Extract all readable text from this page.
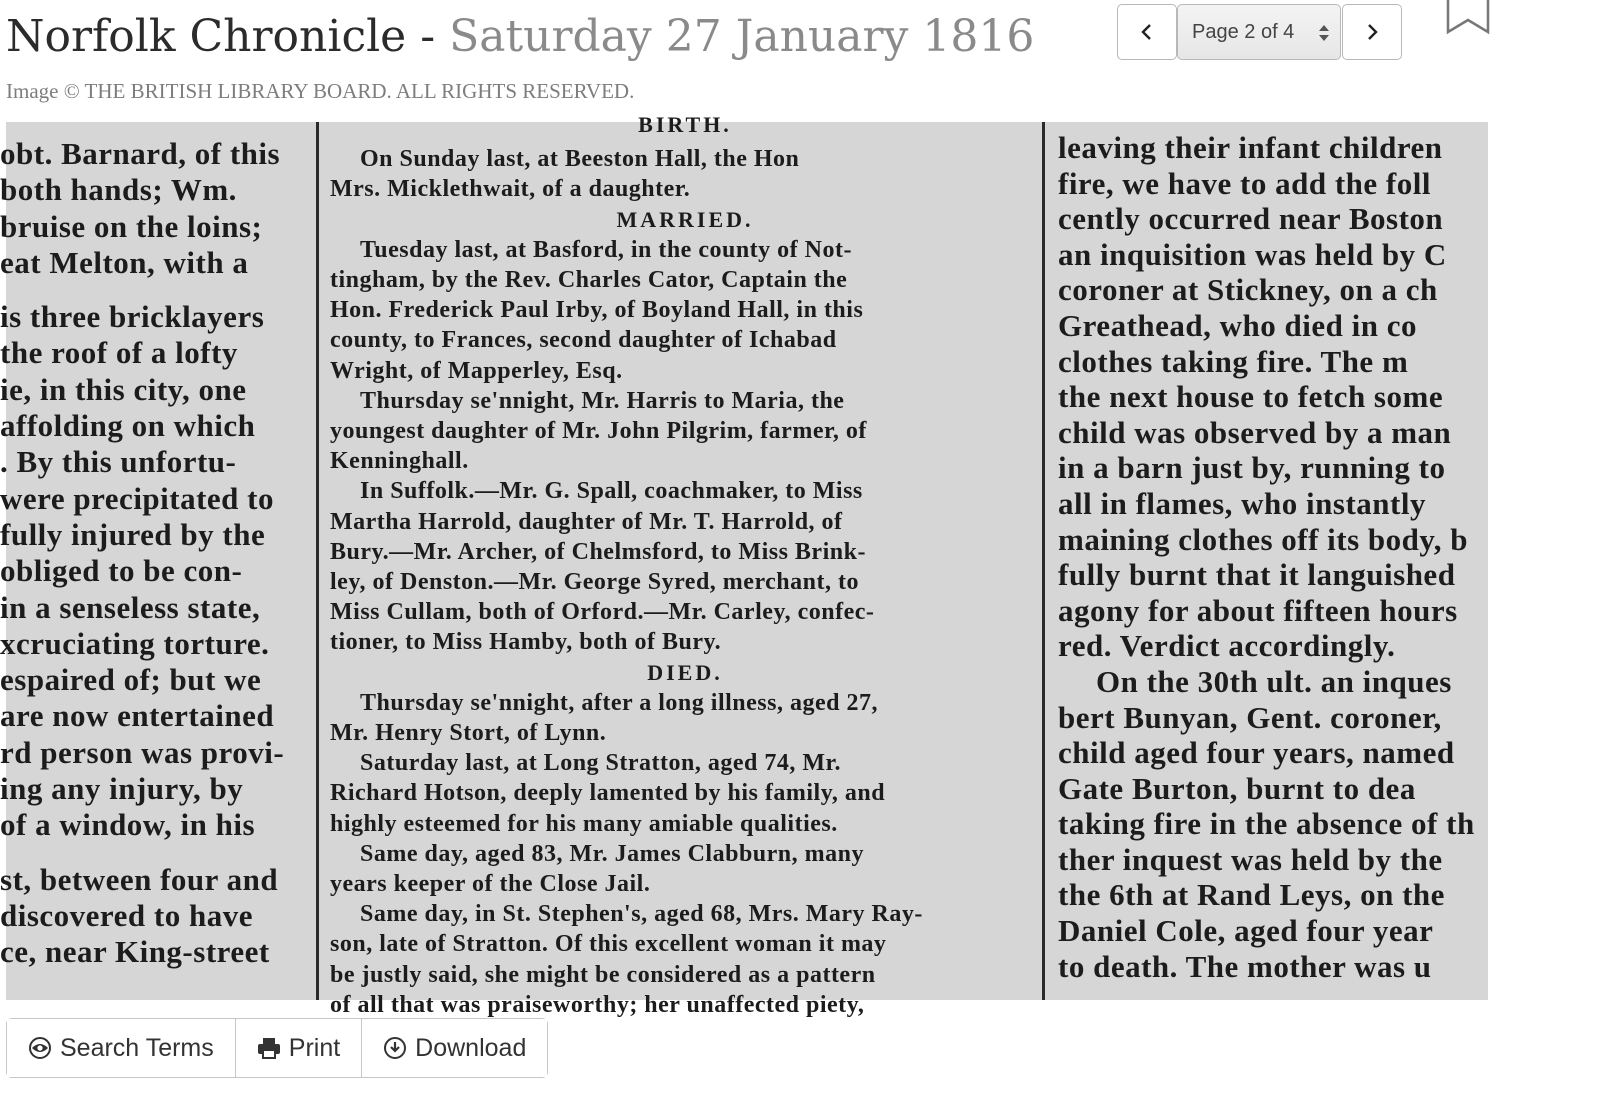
Norfolk Chronicle - Saturday 27 January 1816
Image © THE BRITISH LIBRARY BOARD. ALL RIGHTS RESERVED.
Page 2 of 4
obt. Barnard, of this
both hands; Wm.
bruise on the loins;
eat Melton, with a
is three bricklayers
the roof of a lofty
ie, in this city, one
affolding on which
. By this unfortu-
were precipitated to
fully injured by the
obliged to be con-
in a senseless state,
xcruciating torture.
espaired of; but we
are now entertained
rd person was provi-
ing any injury, by
of a window, in his
st, between four and
discovered to have
ce, near King-street
BIRTH.
On Sunday last, at Beeston Hall, the Hon
Mrs. Micklethwait, of a daughter.
MARRIED.
Tuesday last, at Basford, in the county of Not-
tingham, by the Rev. Charles Cator, Captain the
Hon. Frederick Paul Irby, of Boyland Hall, in this
county, to Frances, second daughter of Ichabad
Wright, of Mapperley, Esq.
Thursday se'nnight, Mr. Harris to Maria, the
youngest daughter of Mr. John Pilgrim, farmer, of
Kenninghall.
In Suffolk.—Mr. G. Spall, coachmaker, to Miss
Martha Harrold, daughter of Mr. T. Harrold, of
Bury.—Mr. Archer, of Chelmsford, to Miss Brink-
ley, of Denston.—Mr. George Syred, merchant, to
Miss Cullam, both of Orford.—Mr. Carley, confec-
tioner, to Miss Hamby, both of Bury.
DIED.
Thursday se'nnight, after a long illness, aged 27,
Mr. Henry Stort, of Lynn.
Saturday last, at Long Stratton, aged 74, Mr.
Richard Hotson, deeply lamented by his family, and
highly esteemed for his many amiable qualities.
Same day, aged 83, Mr. James Clabburn, many
years keeper of the Close Jail.
Same day, in St. Stephen's, aged 68, Mrs. Mary Ray-
son, late of Stratton. Of this excellent woman it may
be justly said, she might be considered as a pattern
of all that was praiseworthy; her unaffected piety,
leaving their infant children
fire, we have to add the foll
cently occurred near Boston
an inquisition was held by C
coroner at Stickney, on a ch
Greathead, who died in co
clothes taking fire. The m
the next house to fetch some
child was observed by a man
in a barn just by, running to
all in flames, who instantly
maining clothes off its body, b
fully burnt that it languished
agony for about fifteen hours
red. Verdict accordingly.
On the 30th ult. an inques
bert Bunyan, Gent. coroner,
child aged four years, named
Gate Burton, burnt to dea
taking fire in the absence of th
ther inquest was held by the
the 6th at Rand Leys, on the
Daniel Cole, aged four year
to death. The mother was u
Search Terms	Print	Download
